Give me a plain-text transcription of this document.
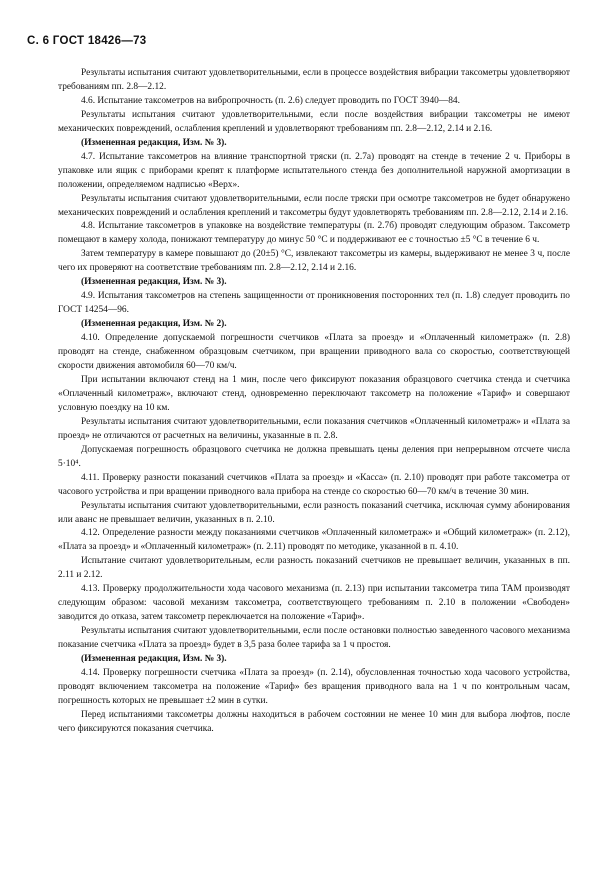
С. 6 ГОСТ 18426—73

Результаты испытания считают удовлетворительными, если в процессе воздействия вибрации таксометры удовлетворяют требованиям пп. 2.8—2.12.

4.6. Испытание таксометров на вибропрочность (п. 2.6) следует проводить по ГОСТ 3940—84.

Результаты испытания считают удовлетворительными, если после воздействия вибрации таксометры не имеют механических повреждений, ослабления креплений и удовлетворяют требованиям пп. 2.8—2.12, 2.14 и 2.16.

(Измененная редакция, Изм. № 3).

4.7. Испытание таксометров на влияние транспортной тряски (п. 2.7а) проводят на стенде в течение 2 ч. Приборы в упаковке или ящик с приборами крепят к платформе испытательного стенда без дополнительной наружной амортизации в положении, определяемом надписью «Верх».

Результаты испытания считают удовлетворительными, если после тряски при осмотре таксометров не будет обнаружено механических повреждений и ослабления креплений и таксометры будут удовлетворять требованиям пп. 2.8—2.12, 2.14 и 2.16.

4.8. Испытание таксометров в упаковке на воздействие температуры (п. 2.7б) проводят следующим образом. Таксометр помещают в камеру холода, понижают температуру до минус 50 °С и поддерживают ее с точностью ±5 °С в течение 6 ч.

Затем температуру в камере повышают до (20±5) °С, извлекают таксометры из камеры, выдерживают не менее 3 ч, после чего их проверяют на соответствие требованиям пп. 2.8—2.12, 2.14 и 2.16.

(Измененная редакция, Изм. № 3).

4.9. Испытания таксометров на степень защищенности от проникновения посторонних тел (п. 1.8) следует проводить по ГОСТ 14254—96.

(Измененная редакция, Изм. № 2).

4.10. Определение допускаемой погрешности счетчиков «Плата за проезд» и «Оплаченный километраж» (п. 2.8) проводят на стенде, снабженном образцовым счетчиком, при вращении приводного вала со скоростью, соответствующей скорости движения автомобиля 60—70 км/ч.

При испытании включают стенд на 1 мин, после чего фиксируют показания образцового счетчика стенда и счетчика «Оплаченный километраж», включают стенд, одновременно переключают таксометр на положение «Тариф» и совершают условную поездку на 10 км.

Результаты испытания считают удовлетворительными, если показания счетчиков «Оплаченный километраж» и «Плата за проезд» не отличаются от расчетных на величины, указанные в п. 2.8.

Допускаемая погрешность образцового счетчика не должна превышать цены деления при непрерывном отсчете числа 5·10⁴.

4.11. Проверку разности показаний счетчиков «Плата за проезд» и «Касса» (п. 2.10) проводят при работе таксометра от часового устройства и при вращении приводного вала прибора на стенде со скоростью 60—70 км/ч в течение 30 мин.

Результаты испытания считают удовлетворительными, если разность показаний счетчика, исключая сумму абонирования или аванс не превышает величин, указанных в п. 2.10.

4.12. Определение разности между показаниями счетчиков «Оплаченный километраж» и «Общий километраж» (п. 2.12), «Плата за проезд» и «Оплаченный километраж» (п. 2.11) проводят по методике, указанной в п. 4.10.

Испытание считают удовлетворительным, если разность показаний счетчиков не превышает величин, указанных в пп. 2.11 и 2.12.

4.13. Проверку продолжительности хода часового механизма (п. 2.13) при испытании таксометра типа ТАМ производят следующим образом: часовой механизм таксометра, соответствующего требованиям п. 2.10 в положении «Свободен» заводится до отказа, затем таксометр переключается на положение «Тариф».

Результаты испытания считают удовлетворительными, если после остановки полностью заведенного часового механизма показание счетчика «Плата за проезд» будет в 3,5 раза более тарифа за 1 ч простоя.

(Измененная редакция, Изм. № 3).

4.14. Проверку погрешности счетчика «Плата за проезд» (п. 2.14), обусловленная точностью хода часового устройства, проводят включением таксометра на положение «Тариф» без вращения приводного вала на 1 ч по контрольным часам, погрешность которых не превышает ±2 мин в сутки.

Перед испытаниями таксометры должны находиться в рабочем состоянии не менее 10 мин для выбора люфтов, после чего фиксируются показания счетчика.
